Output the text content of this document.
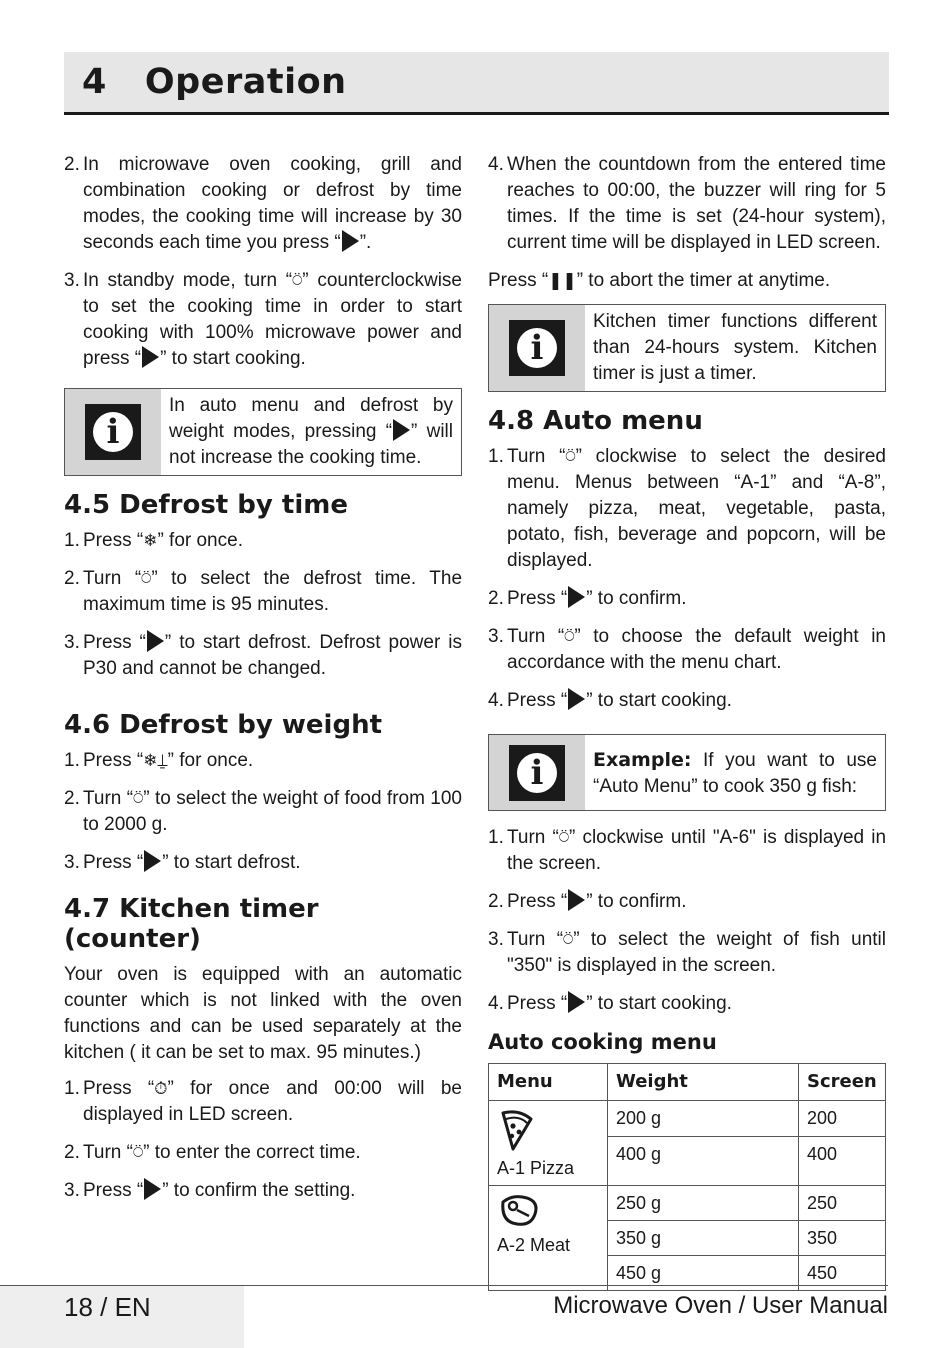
4 Operation
2. In microwave oven cooking, grill and combination cooking or defrost by time modes, the cooking time will increase by 30 seconds each time you press “ ”.
3. In standby mode, turn “⍥” counterclockwise to set the cooking time in order to start cooking with 100% microwave power and press “ ” to start cooking.
i
In auto menu and defrost by weight modes, pressing “ ” will not increase the cooking time.
4.5 Defrost by time
1. Press “❄” for once.
2. Turn “⍥” to select the defrost time. The maximum time is 95 minutes.
3. Press “ ” to start defrost. Defrost power is P30 and cannot be changed.
4.6 Defrost by weight
1. Press “❄⍊” for once.
2. Turn “⍥” to select the weight of food from 100 to 2000 g.
3. Press “ ” to start defrost.
4.7 Kitchen timer (counter)

Your oven is equipped with an automatic counter which is not linked with the oven functions and can be used separately at the kitchen ( it can be set to max. 95 minutes.)

1. Press “⏱” for once and 00:00 will be displayed in LED screen.
2. Turn “⍥” to enter the correct time.
3. Press “ ” to confirm the setting.
4. When the countdown from the entered time reaches to 00:00, the buzzer will ring for 5 times. If the time is set (24-hour system), current time will be displayed in LED screen.

Press “❚❚” to abort the timer at anytime.

i
Kitchen timer functions different than 24-hours system. Kitchen timer is just a timer.
4.8 Auto menu
1. Turn “⍥” clockwise to select the desired menu. Menus between “A-1” and “A-8”, namely pizza, meat, vegetable, pasta, potato, fish, beverage and popcorn, will be displayed.
2. Press “ ” to confirm.
3. Turn “⍥” to choose the default weight in accordance with the menu chart.
4. Press “ ” to start cooking.
i	Example: If you want to use “Auto Menu” to cook 350 g fish:
1. Turn “⍥” clockwise until "A-6" is displayed in the screen.
2. Press “ ” to confirm.
3. Turn “⍥” to select the weight of fish until "350" is displayed in the screen.
4. Press “ ” to start cooking.
Auto cooking menu
Menu	Weight	Screen

A-1 Pizza	200 g	200
	400 g	400

A-2 Meat	250 g	250
	350 g	350
	450 g	450
18 / EN	Microwave Oven / User Manual
